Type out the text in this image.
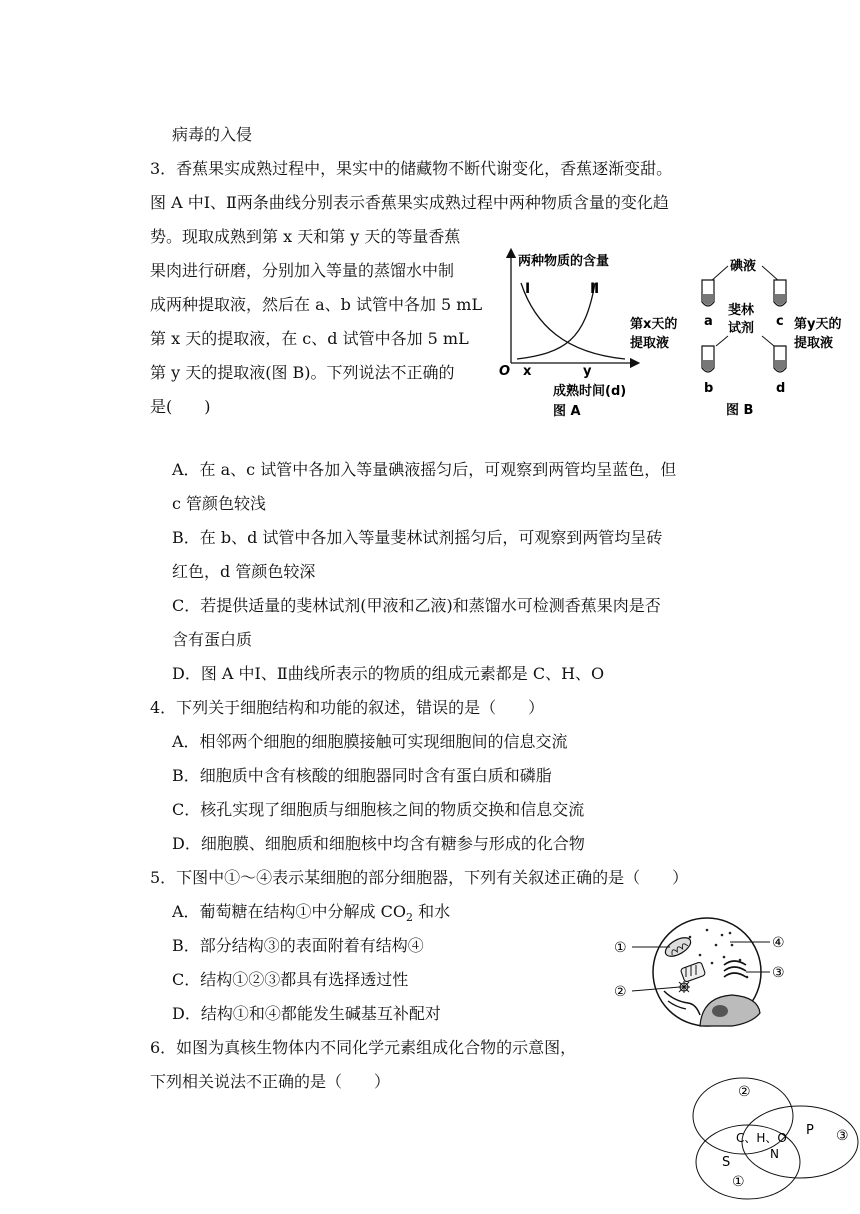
病毒的入侵
3．香蕉果实成熟过程中，果实中的储藏物不断代谢变化，香蕉逐渐变甜。
图 A 中Ⅰ、Ⅱ两条曲线分别表示香蕉果实成熟过程中两种物质含量的变化趋
势。现取成熟到第 x 天和第 y 天的等量香蕉
果肉进行研磨，分别加入等量的蒸馏水中制
成两种提取液，然后在 a、b 试管中各加 5 mL
第 x 天的提取液，在 c、d 试管中各加 5 mL
第 y 天的提取液(图 B)。下列说法不正确的
是(　　)
A．在 a、c 试管中各加入等量碘液摇匀后，可观察到两管均呈蓝色，但
c 管颜色较浅
B．在 b、d 试管中各加入等量斐林试剂摇匀后，可观察到两管均呈砖
红色，d 管颜色较深
C．若提供适量的斐林试剂(甲液和乙液)和蒸馏水可检测香蕉果肉是否
含有蛋白质
D．图 A 中Ⅰ、Ⅱ曲线所表示的物质的组成元素都是 C、H、O
4．下列关于细胞结构和功能的叙述，错误的是（　　）
A．相邻两个细胞的细胞膜接触可实现细胞间的信息交流
B．细胞质中含有核酸的细胞器同时含有蛋白质和磷脂
C．核孔实现了细胞质与细胞核之间的物质交换和信息交流
D．细胞膜、细胞质和细胞核中均含有糖参与形成的化合物
5．下图中①～④表示某细胞的部分细胞器，下列有关叙述正确的是（　　）
A．葡萄糖在结构①中分解成 $CO_2$ 和水
B．部分结构③的表面附着有结构④
C．结构①②③都具有选择透过性
D．结构①和④都能发生碱基互补配对
6．如图为真核生物体内不同化学元素组成化合物的示意图，
下列相关说法不正确的是（　　）
两种物质的含量
Ⅰ	Ⅱ
O x	y
成熟时间(d)
图 A
碘液
a	c
斐林
试剂
第x天的
提取液
第y天的
提取液
b	d
图 B
①
②
③
④
②
③
①
C、H、O
N
P
S
